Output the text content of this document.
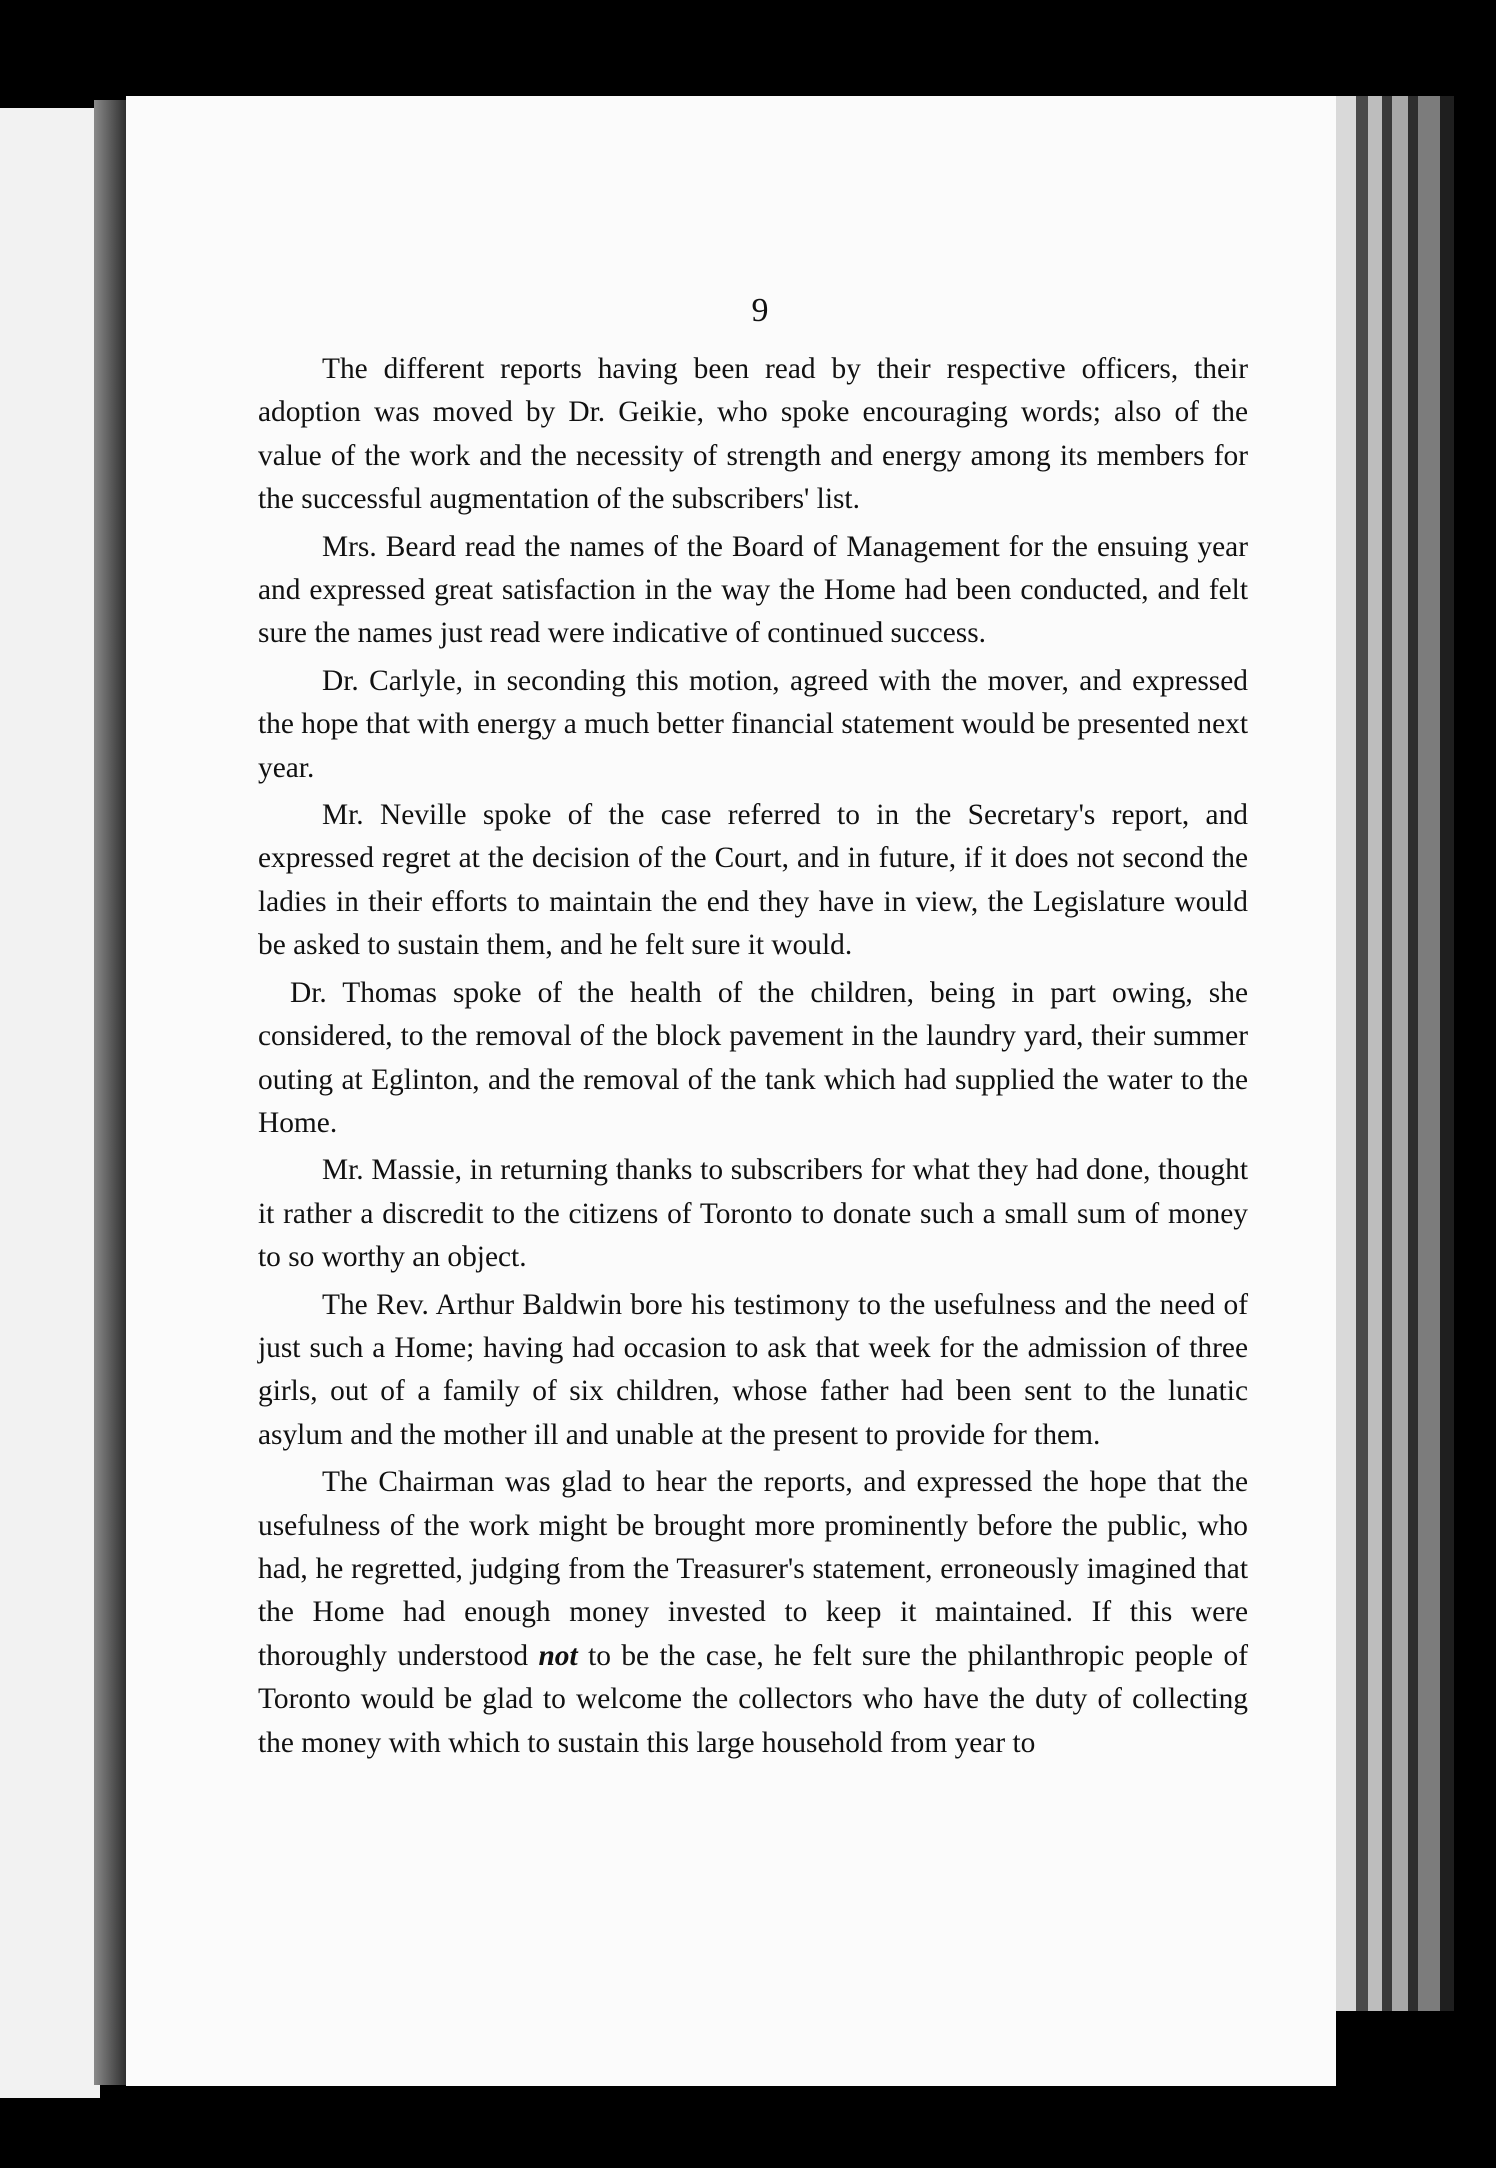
9

The different reports having been read by their respective officers, their adoption was moved by Dr. Geikie, who spoke encouraging words; also of the value of the work and the necessity of strength and energy among its members for the successful augmentation of the subscribers' list.

Mrs. Beard read the names of the Board of Management for the ensuing year and expressed great satisfaction in the way the Home had been conducted, and felt sure the names just read were indicative of continued success.

Dr. Carlyle, in seconding this motion, agreed with the mover, and expressed the hope that with energy a much better financial statement would be presented next year.

Mr. Neville spoke of the case referred to in the Secretary's report, and expressed regret at the decision of the Court, and in future, if it does not second the ladies in their efforts to maintain the end they have in view, the Legislature would be asked to sustain them, and he felt sure it would.

Dr. Thomas spoke of the health of the children, being in part owing, she considered, to the removal of the block pavement in the laundry yard, their summer outing at Eglinton, and the removal of the tank which had supplied the water to the Home.

Mr. Massie, in returning thanks to subscribers for what they had done, thought it rather a discredit to the citizens of Toronto to donate such a small sum of money to so worthy an object.

The Rev. Arthur Baldwin bore his testimony to the usefulness and the need of just such a Home; having had occasion to ask that week for the admission of three girls, out of a family of six children, whose father had been sent to the lunatic asylum and the mother ill and unable at the present to provide for them.

The Chairman was glad to hear the reports, and expressed the hope that the usefulness of the work might be brought more prominently before the public, who had, he regretted, judging from the Treasurer's statement, erroneously imagined that the Home had enough money invested to keep it maintained. If this were thoroughly understood not to be the case, he felt sure the philanthropic people of Toronto would be glad to welcome the collectors who have the duty of collecting the money with which to sustain this large household from year to
